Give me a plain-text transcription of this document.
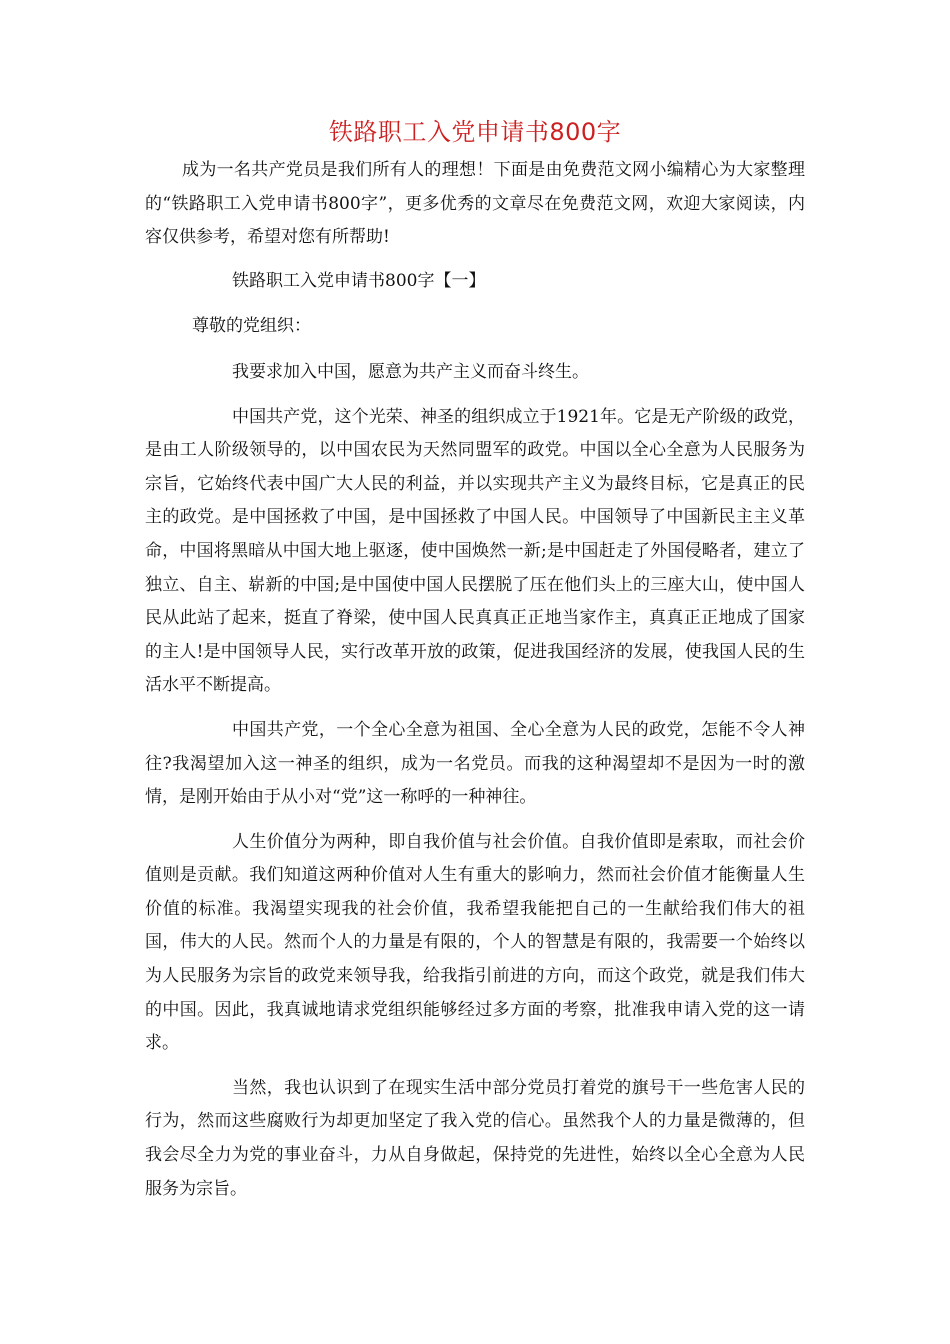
铁路职工入党申请书800字

成为一名共产党员是我们所有人的理想！下面是由免费范文网小编精心为大家整理的“铁路职工入党申请书800字”，更多优秀的文章尽在免费范文网，欢迎大家阅读，内容仅供参考，希望对您有所帮助!

铁路职工入党申请书800字【一】

尊敬的党组织：

我要求加入中国，愿意为共产主义而奋斗终生。

中国共产党，这个光荣、神圣的组织成立于1921年。它是无产阶级的政党，是由工人阶级领导的，以中国农民为天然同盟军的政党。中国以全心全意为人民服务为宗旨，它始终代表中国广大人民的利益，并以实现共产主义为最终目标，它是真正的民主的政党。是中国拯救了中国，是中国拯救了中国人民。中国领导了中国新民主主义革命，中国将黑暗从中国大地上驱逐，使中国焕然一新;是中国赶走了外国侵略者，建立了独立、自主、崭新的中国;是中国使中国人民摆脱了压在他们头上的三座大山，使中国人民从此站了起来，挺直了脊梁，使中国人民真真正正地当家作主，真真正正地成了国家的主人!是中国领导人民，实行改革开放的政策，促进我国经济的发展，使我国人民的生活水平不断提高。

中国共产党，一个全心全意为祖国、全心全意为人民的政党，怎能不令人神往?我渴望加入这一神圣的组织，成为一名党员。而我的这种渴望却不是因为一时的激情，是刚开始由于从小对“党”这一称呼的一种神往。

人生价值分为两种，即自我价值与社会价值。自我价值即是索取，而社会价值则是贡献。我们知道这两种价值对人生有重大的影响力，然而社会价值才能衡量人生价值的标准。我渴望实现我的社会价值，我希望我能把自己的一生献给我们伟大的祖国，伟大的人民。然而个人的力量是有限的，个人的智慧是有限的，我需要一个始终以为人民服务为宗旨的政党来领导我，给我指引前进的方向，而这个政党，就是我们伟大的中国。因此，我真诚地请求党组织能够经过多方面的考察，批准我申请入党的这一请求。

当然，我也认识到了在现实生活中部分党员打着党的旗号干一些危害人民的行为，然而这些腐败行为却更加坚定了我入党的信心。虽然我个人的力量是微薄的，但我会尽全力为党的事业奋斗，力从自身做起，保持党的先进性，始终以全心全意为人民服务为宗旨。
